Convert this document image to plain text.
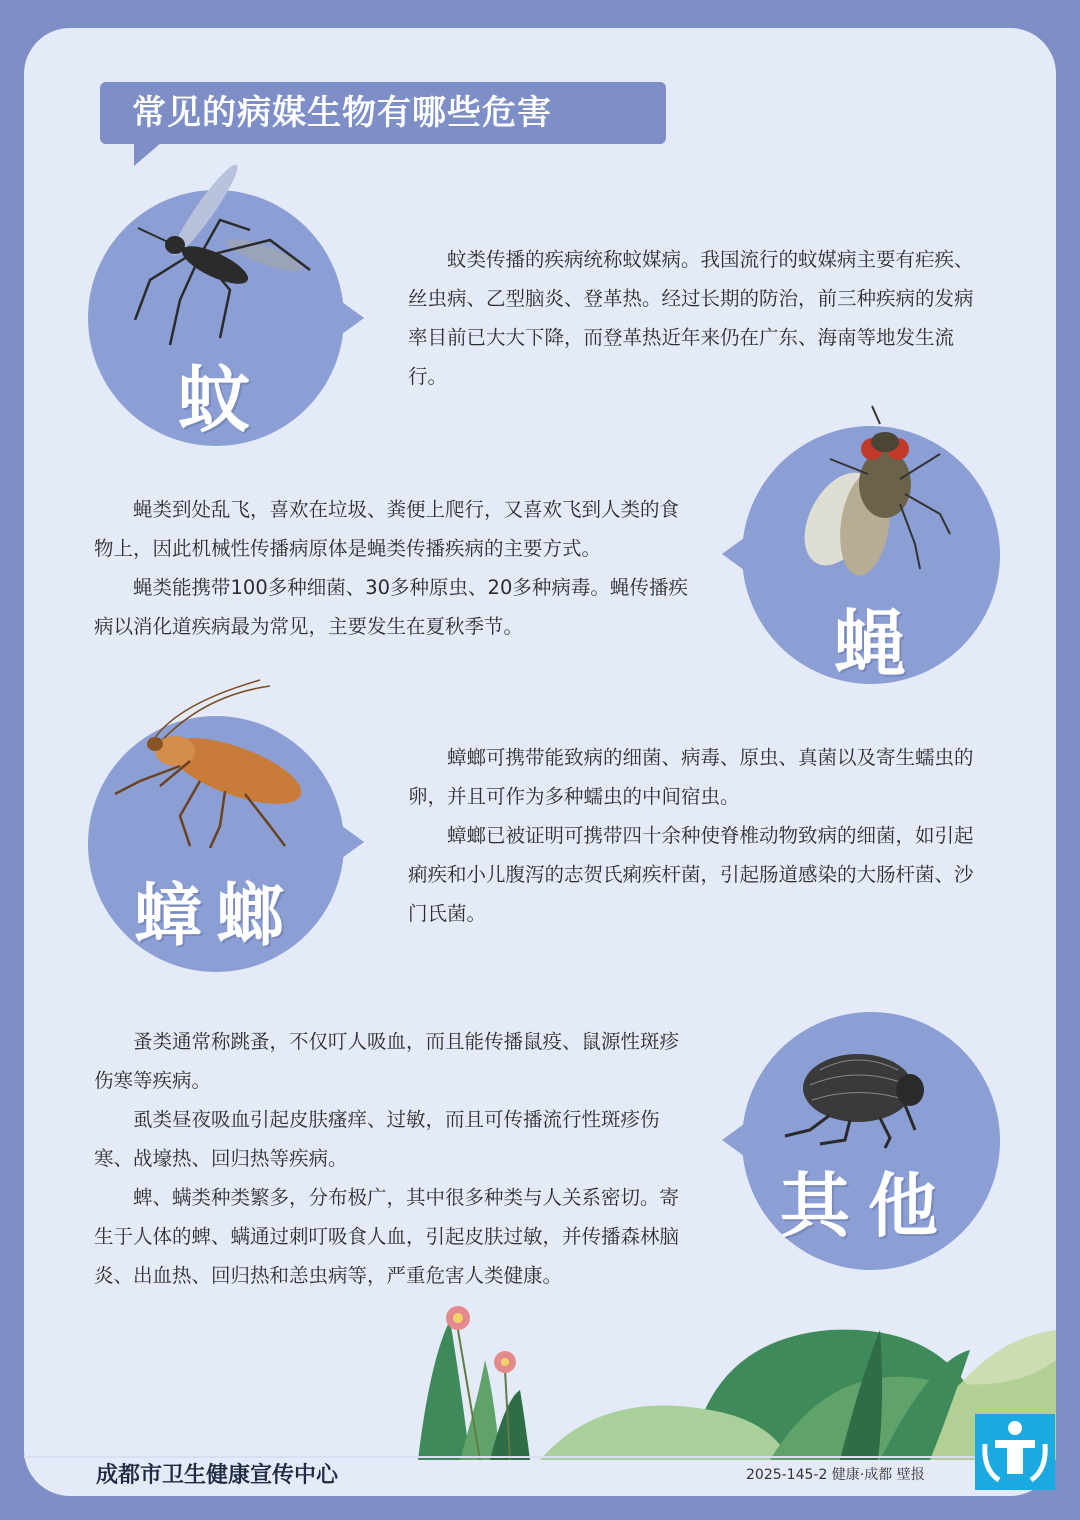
常见的病媒生物有哪些危害
蚊

蚊类传播的疾病统称蚊媒病。我国流行的蚊媒病主要有疟疾、丝虫病、乙型脑炎、登革热。经过长期的防治，前三种疾病的发病率目前已大大下降，而登革热近年来仍在广东、海南等地发生流行。

蝇

蝇类到处乱飞，喜欢在垃圾、粪便上爬行，又喜欢飞到人类的食物上，因此机械性传播病原体是蝇类传播疾病的主要方式。

蝇类能携带100多种细菌、30多种原虫、20多种病毒。蝇传播疾病以消化道疾病最为常见，主要发生在夏秋季节。

蟑螂

蟑螂可携带能致病的细菌、病毒、原虫、真菌以及寄生蠕虫的卵，并且可作为多种蠕虫的中间宿虫。

蟑螂已被证明可携带四十余种使脊椎动物致病的细菌，如引起痢疾和小儿腹泻的志贺氏痢疾杆菌，引起肠道感染的大肠杆菌、沙门氏菌。

其他

蚤类通常称跳蚤，不仅叮人吸血，而且能传播鼠疫、鼠源性斑疹伤寒等疾病。

虱类昼夜吸血引起皮肤瘙痒、过敏，而且可传播流行性斑疹伤寒、战壕热、回归热等疾病。

蜱、螨类种类繁多，分布极广，其中很多种类与人关系密切。寄生于人体的蜱、螨通过刺叮吸食人血，引起皮肤过敏，并传播森林脑炎、出血热、回归热和恙虫病等，严重危害人类健康。

成都市卫生健康宣传中心	2025-145-2 健康·成都 壁报
